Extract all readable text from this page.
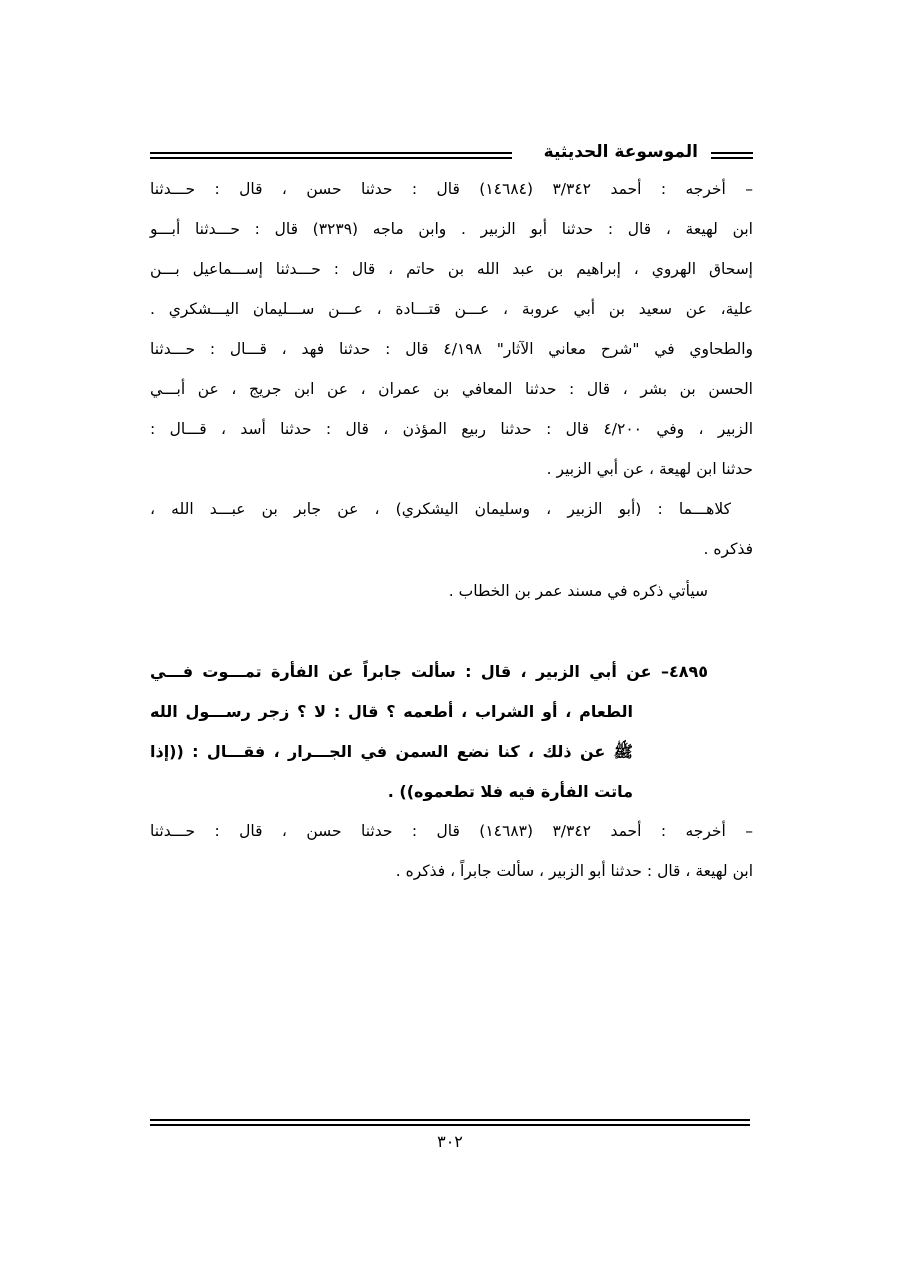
الموسوعة الحديثية
– أخرجه : أحمد ٣/٣٤٢ (١٤٦٨٤) قال : حدثنا حسن ، قال : حـــدثنا
ابن لهيعة ، قال : حدثنا أبو الزبير . وابن ماجه (٣٢٣٩) قال : حـــدثنا أبـــو
إسحاق الهروي ، إبراهيم بن عبد الله بن حاتم ، قال : حـــدثنا إســـماعيل بـــن
علية، عن سعيد بن أبي عروبة ، عـــن قتـــادة ، عـــن ســـليمان اليـــشكري .
والطحاوي في "شرح معاني الآثار" ٤/١٩٨ قال : حدثنا فهد ، قـــال : حـــدثنا
الحسن بن بشر ، قال : حدثنا المعافي بن عمران ، عن ابن جريج ، عن أبـــي
الزبير ، وفي ٤/٢٠٠ قال : حدثنا ربيع المؤذن ، قال : حدثنا أسد ، قـــال :
حدثنا ابن لهيعة ، عن أبي الزبير .
كلاهـــما : (أبو الزبير ، وسليمان اليشكري) ، عن جابر بن عبـــد الله ،
فذكره .
سيأتي ذكره في مسند عمر بن الخطاب .
٤٨٩٥– عن أبي الزبير ، قال : سألت جابراً عن الفأرة تمـــوت فـــي
الطعام ، أو الشراب ، أطعمه ؟ قال : لا ؟ زجر رســـول الله
ﷺ عن ذلك ، كنا نضع السمن في الجـــرار ، فقـــال : ((إذا
ماتت الفأرة فيه فلا تطعموه)) .
– أخرجه : أحمد ٣/٣٤٢ (١٤٦٨٣) قال : حدثنا حسن ، قال : حـــدثنا
ابن لهيعة ، قال : حدثنا أبو الزبير ، سألت جابراً ، فذكره .
٣٠٢
